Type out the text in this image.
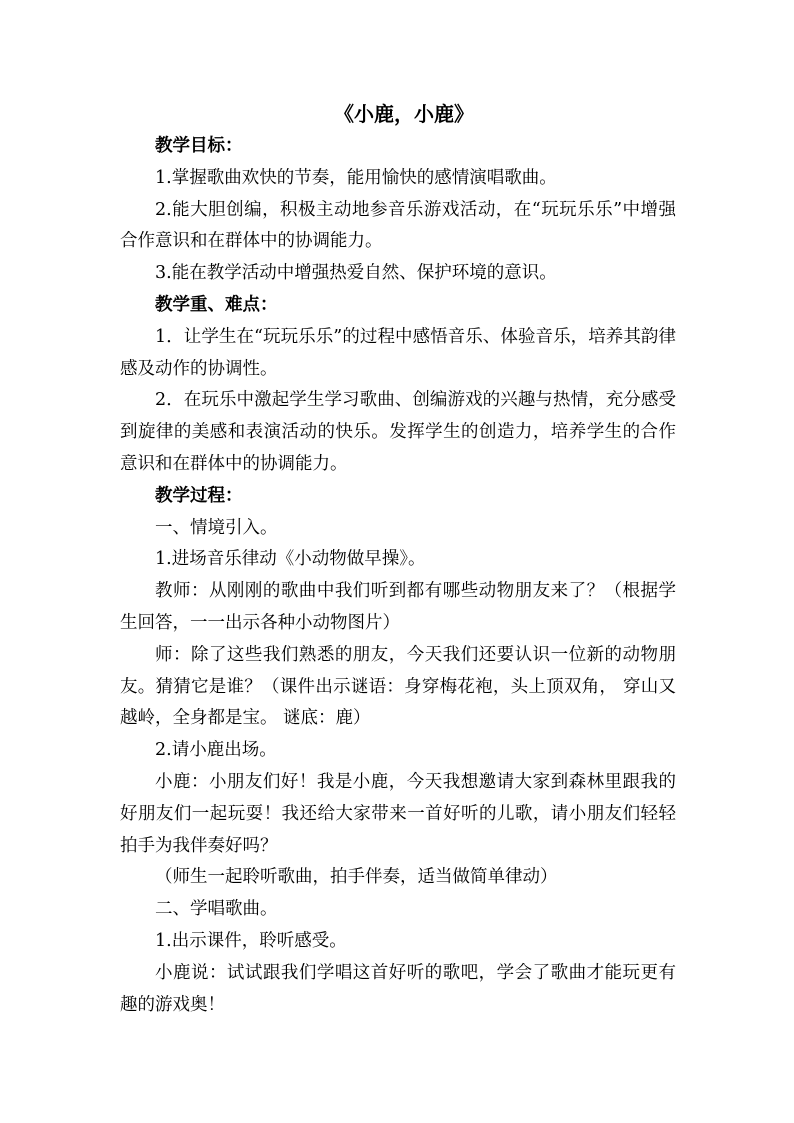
《小鹿，小鹿》

教学目标：

1.掌握歌曲欢快的节奏，能用愉快的感情演唱歌曲。

2.能大胆创编，积极主动地参音乐游戏活动，在“玩玩乐乐”中增强合作意识和在群体中的协调能力。

3.能在教学活动中增强热爱自然、保护环境的意识。

教学重、难点：

1．让学生在“玩玩乐乐”的过程中感悟音乐、体验音乐，培养其韵律感及动作的协调性。

2．在玩乐中激起学生学习歌曲、创编游戏的兴趣与热情，充分感受到旋律的美感和表演活动的快乐。发挥学生的创造力，培养学生的合作意识和在群体中的协调能力。

教学过程：

一、情境引入。

1.进场音乐律动《小动物做早操》。

教师：从刚刚的歌曲中我们听到都有哪些动物朋友来了？（根据学生回答，一一出示各种小动物图片）

师：除了这些我们熟悉的朋友，今天我们还要认识一位新的动物朋友。猜猜它是谁？（课件出示谜语：身穿梅花袍，头上顶双角， 穿山又越岭，全身都是宝。 谜底：鹿）

2.请小鹿出场。

小鹿：小朋友们好！我是小鹿，今天我想邀请大家到森林里跟我的好朋友们一起玩耍！我还给大家带来一首好听的儿歌，请小朋友们轻轻拍手为我伴奏好吗？

（师生一起聆听歌曲，拍手伴奏，适当做简单律动）

二、学唱歌曲。

1.出示课件，聆听感受。

小鹿说：试试跟我们学唱这首好听的歌吧，学会了歌曲才能玩更有趣的游戏奥！
